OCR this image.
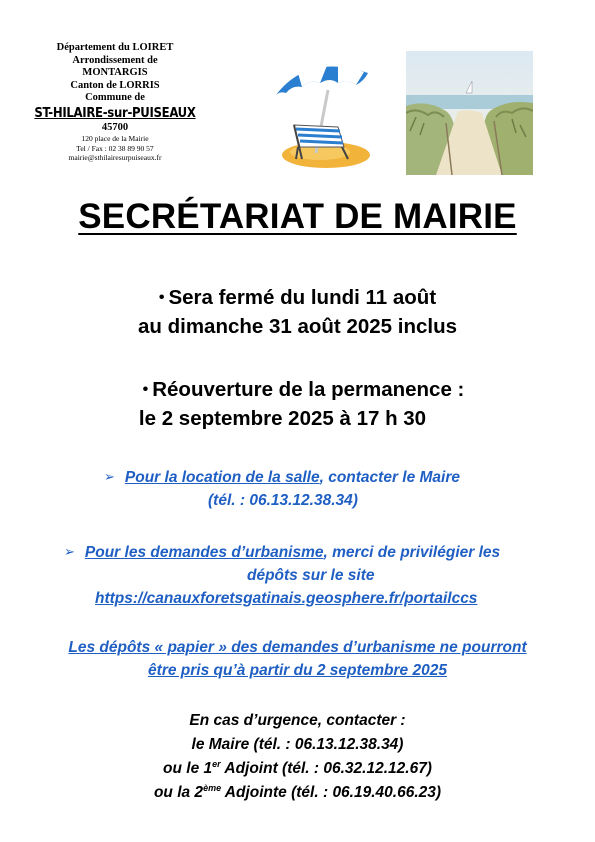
Département du LOIRET
Arrondissement de MONTARGIS
Canton de LORRIS
Commune de
ST-HILAIRE-sur-PUISEAUX
45700
120 place de la Mairie
Tel / Fax : 02 38 89 90 57
mairie@sthilairesurpuiseaux.fr
SECRÉTARIAT DE MAIRIE
• Sera fermé du lundi 11 août
au dimanche 31 août 2025 inclus
• Réouverture de la permanence :
le 2 septembre 2025 à 17 h 30
➢ Pour la location de la salle, contacter le Maire
(tél. : 06.13.12.38.34)
➢ Pour les demandes d’urbanisme, merci de privilégier les
dépôts sur le site
https://canauxforetsgatinais.geosphere.fr/portailccs
Les dépôts « papier » des demandes d’urbanisme ne pourront
être pris qu’à partir du 2 septembre 2025
En cas d’urgence, contacter :
le Maire (tél. : 06.13.12.38.34)
ou le 1er Adjoint (tél. : 06.32.12.12.67)
ou la 2ème Adjointe (tél. : 06.19.40.66.23)
